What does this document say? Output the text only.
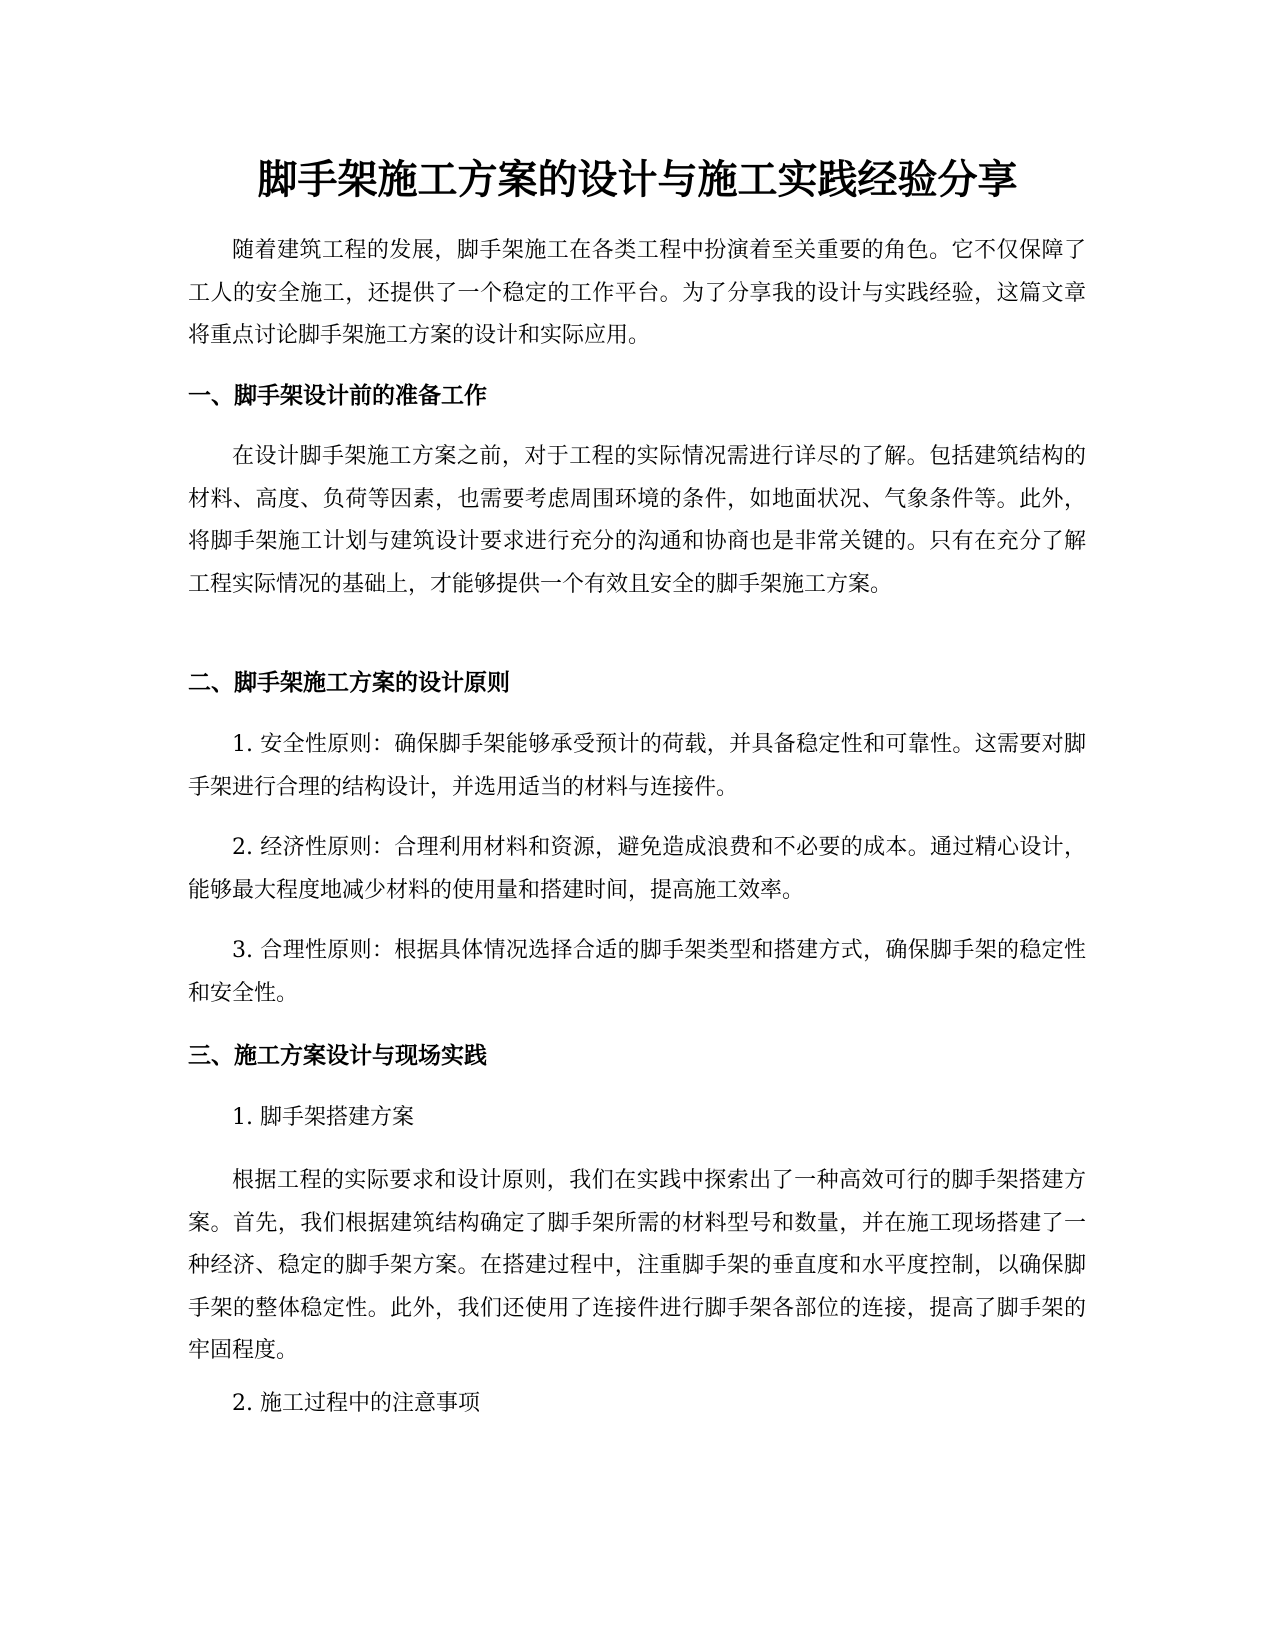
脚手架施工方案的设计与施工实践经验分享

随着建筑工程的发展，脚手架施工在各类工程中扮演着至关重要的角色。它不仅保障了工人的安全施工，还提供了一个稳定的工作平台。为了分享我的设计与实践经验，这篇文章将重点讨论脚手架施工方案的设计和实际应用。

一、脚手架设计前的准备工作

在设计脚手架施工方案之前，对于工程的实际情况需进行详尽的了解。包括建筑结构的材料、高度、负荷等因素，也需要考虑周围环境的条件，如地面状况、气象条件等。此外，将脚手架施工计划与建筑设计要求进行充分的沟通和协商也是非常关键的。只有在充分了解工程实际情况的基础上，才能够提供一个有效且安全的脚手架施工方案。

二、脚手架施工方案的设计原则

1. 安全性原则：确保脚手架能够承受预计的荷载，并具备稳定性和可靠性。这需要对脚手架进行合理的结构设计，并选用适当的材料与连接件。

2. 经济性原则：合理利用材料和资源，避免造成浪费和不必要的成本。通过精心设计，能够最大程度地减少材料的使用量和搭建时间，提高施工效率。

3. 合理性原则：根据具体情况选择合适的脚手架类型和搭建方式，确保脚手架的稳定性和安全性。

三、施工方案设计与现场实践

1. 脚手架搭建方案

根据工程的实际要求和设计原则，我们在实践中探索出了一种高效可行的脚手架搭建方案。首先，我们根据建筑结构确定了脚手架所需的材料型号和数量，并在施工现场搭建了一种经济、稳定的脚手架方案。在搭建过程中，注重脚手架的垂直度和水平度控制，以确保脚手架的整体稳定性。此外，我们还使用了连接件进行脚手架各部位的连接，提高了脚手架的牢固程度。

2. 施工过程中的注意事项
